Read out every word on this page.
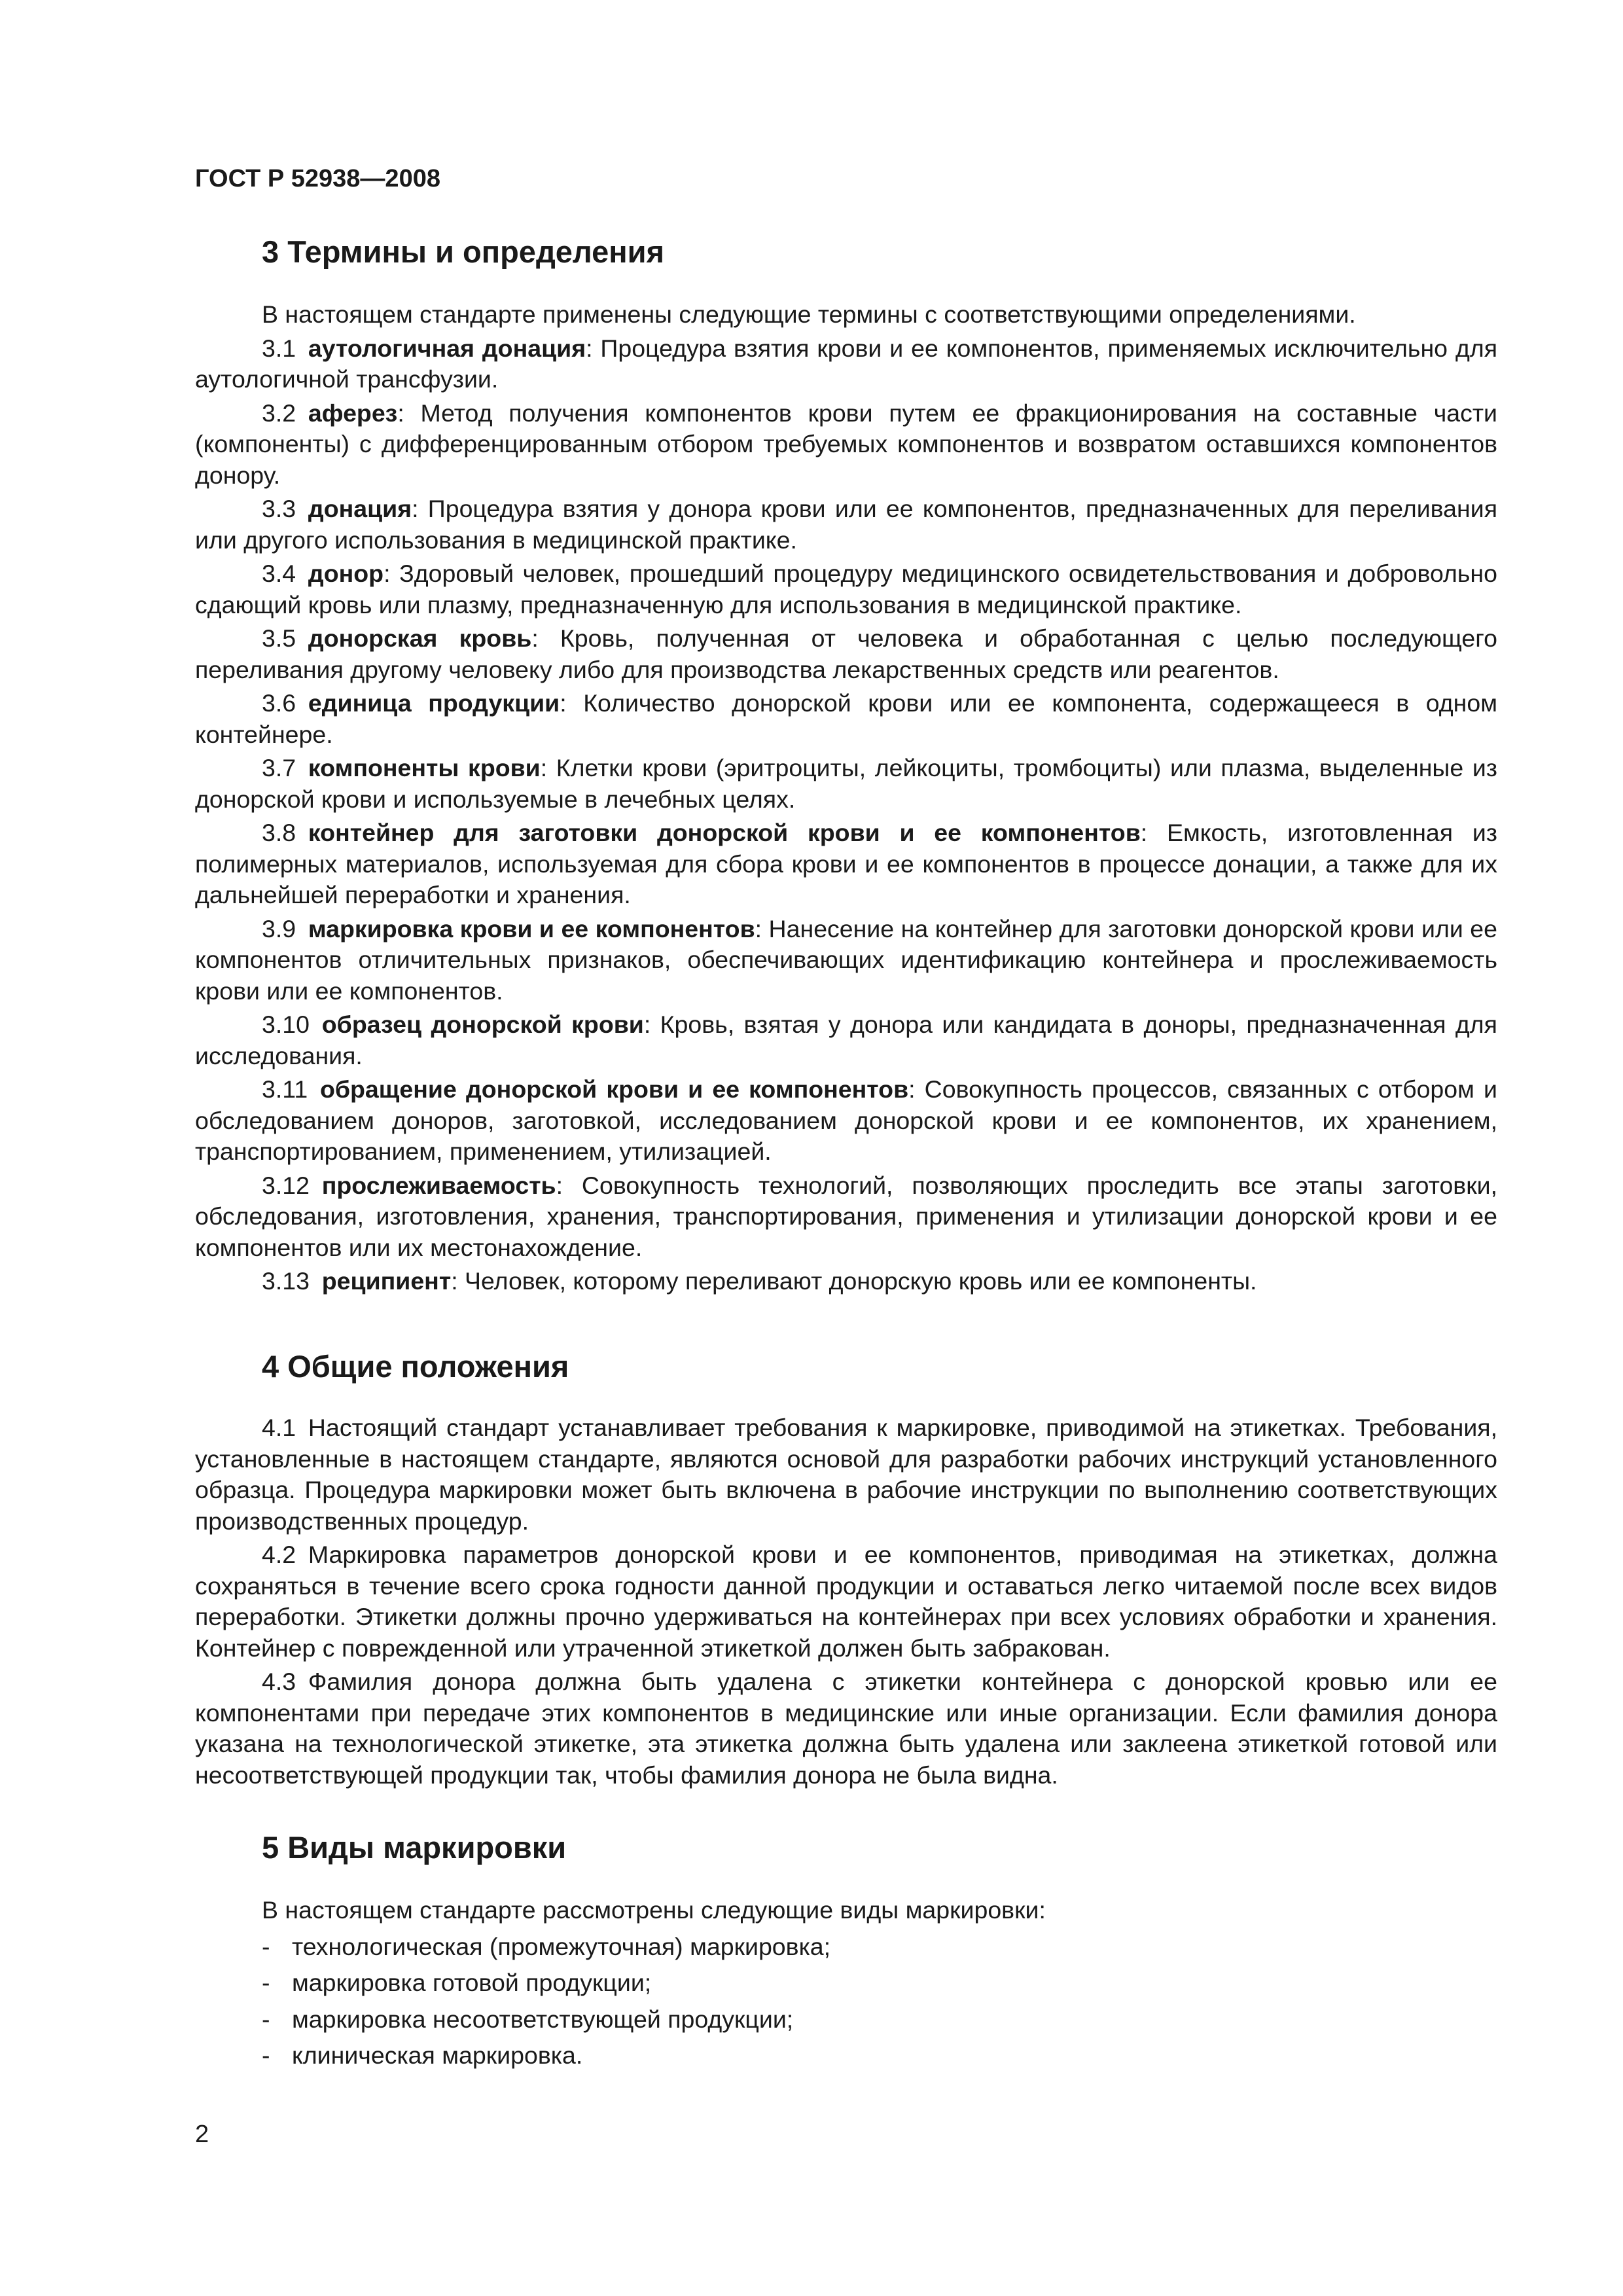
ГОСТ Р 52938—2008
3 Термины и определения

В настоящем стандарте применены следующие термины с соответствующими определениями.

3.1  аутологичная донация: Процедура взятия крови и ее компонентов, применяемых исключительно для аутологичной трансфузии.

3.2  аферез: Метод получения компонентов крови путем ее фракционирования на составные части (компоненты) с дифференцированным отбором требуемых компонентов и возвратом оставшихся компонентов донору.

3.3  донация: Процедура взятия у донора крови или ее компонентов, предназначенных для переливания или другого использования в медицинской практике.

3.4  донор: Здоровый человек, прошедший процедуру медицинского освидетельствования и добровольно сдающий кровь или плазму, предназначенную для использования в медицинской практике.

3.5  донорская кровь: Кровь, полученная от человека и обработанная с целью последующего переливания другому человеку либо для производства лекарственных средств или реагентов.

3.6  единица продукции: Количество донорской крови или ее компонента, содержащееся в одном контейнере.

3.7  компоненты крови: Клетки крови (эритроциты, лейкоциты, тромбоциты) или плазма, выделенные из донорской крови и используемые в лечебных целях.

3.8  контейнер для заготовки донорской крови и ее компонентов: Емкость, изготовленная из полимерных материалов, используемая для сбора крови и ее компонентов в процессе донации, а также для их дальнейшей переработки и хранения.

3.9  маркировка крови и ее компонентов: Нанесение на контейнер для заготовки донорской крови или ее компонентов отличительных признаков, обеспечивающих идентификацию контейнера и прослеживаемость крови или ее компонентов.

3.10  образец донорской крови: Кровь, взятая у донора или кандидата в доноры, предназначенная для исследования.

3.11  обращение донорской крови и ее компонентов: Совокупность процессов, связанных с отбором и обследованием доноров, заготовкой, исследованием донорской крови и ее компонентов, их хранением, транспортированием, применением, утилизацией.

3.12  прослеживаемость: Совокупность технологий, позволяющих проследить все этапы заготовки, обследования, изготовления, хранения, транспортирования, применения и утилизации донорской крови и ее компонентов или их местонахождение.

3.13  реципиент: Человек, которому переливают донорскую кровь или ее компоненты.

4 Общие положения

4.1  Настоящий стандарт устанавливает требования к маркировке, приводимой на этикетках. Требования, установленные в настоящем стандарте, являются основой для разработки рабочих инструкций установленного образца. Процедура маркировки может быть включена в рабочие инструкции по выполнению соответствующих производственных процедур.

4.2  Маркировка параметров донорской крови и ее компонентов, приводимая на этикетках, должна сохраняться в течение всего срока годности данной продукции и оставаться легко читаемой после всех видов переработки. Этикетки должны прочно удерживаться на контейнерах при всех условиях обработки и хранения. Контейнер с поврежденной или утраченной этикеткой должен быть забракован.

4.3  Фамилия донора должна быть удалена с этикетки контейнера с донорской кровью или ее компонентами при передаче этих компонентов в медицинские или иные организации. Если фамилия донора указана на технологической этикетке, эта этикетка должна быть удалена или заклеена этикеткой готовой или несоответствующей продукции так, чтобы фамилия донора не была видна.

5 Виды маркировки

В настоящем стандарте рассмотрены следующие виды маркировки:

- технологическая (промежуточная) маркировка;
- маркировка готовой продукции;
- маркировка несоответствующей продукции;
- клиническая маркировка.
2
